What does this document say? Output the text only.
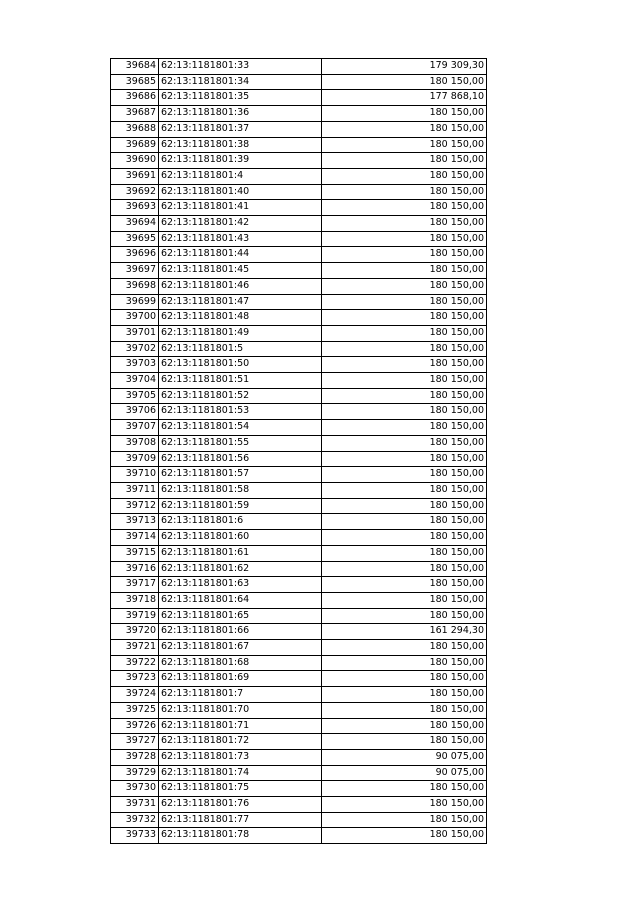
39684	62:13:1181801:33	179 309,30
39685	62:13:1181801:34	180 150,00
39686	62:13:1181801:35	177 868,10
39687	62:13:1181801:36	180 150,00
39688	62:13:1181801:37	180 150,00
39689	62:13:1181801:38	180 150,00
39690	62:13:1181801:39	180 150,00
39691	62:13:1181801:4	180 150,00
39692	62:13:1181801:40	180 150,00
39693	62:13:1181801:41	180 150,00
39694	62:13:1181801:42	180 150,00
39695	62:13:1181801:43	180 150,00
39696	62:13:1181801:44	180 150,00
39697	62:13:1181801:45	180 150,00
39698	62:13:1181801:46	180 150,00
39699	62:13:1181801:47	180 150,00
39700	62:13:1181801:48	180 150,00
39701	62:13:1181801:49	180 150,00
39702	62:13:1181801:5	180 150,00
39703	62:13:1181801:50	180 150,00
39704	62:13:1181801:51	180 150,00
39705	62:13:1181801:52	180 150,00
39706	62:13:1181801:53	180 150,00
39707	62:13:1181801:54	180 150,00
39708	62:13:1181801:55	180 150,00
39709	62:13:1181801:56	180 150,00
39710	62:13:1181801:57	180 150,00
39711	62:13:1181801:58	180 150,00
39712	62:13:1181801:59	180 150,00
39713	62:13:1181801:6	180 150,00
39714	62:13:1181801:60	180 150,00
39715	62:13:1181801:61	180 150,00
39716	62:13:1181801:62	180 150,00
39717	62:13:1181801:63	180 150,00
39718	62:13:1181801:64	180 150,00
39719	62:13:1181801:65	180 150,00
39720	62:13:1181801:66	161 294,30
39721	62:13:1181801:67	180 150,00
39722	62:13:1181801:68	180 150,00
39723	62:13:1181801:69	180 150,00
39724	62:13:1181801:7	180 150,00
39725	62:13:1181801:70	180 150,00
39726	62:13:1181801:71	180 150,00
39727	62:13:1181801:72	180 150,00
39728	62:13:1181801:73	90 075,00
39729	62:13:1181801:74	90 075,00
39730	62:13:1181801:75	180 150,00
39731	62:13:1181801:76	180 150,00
39732	62:13:1181801:77	180 150,00
39733	62:13:1181801:78	180 150,00
